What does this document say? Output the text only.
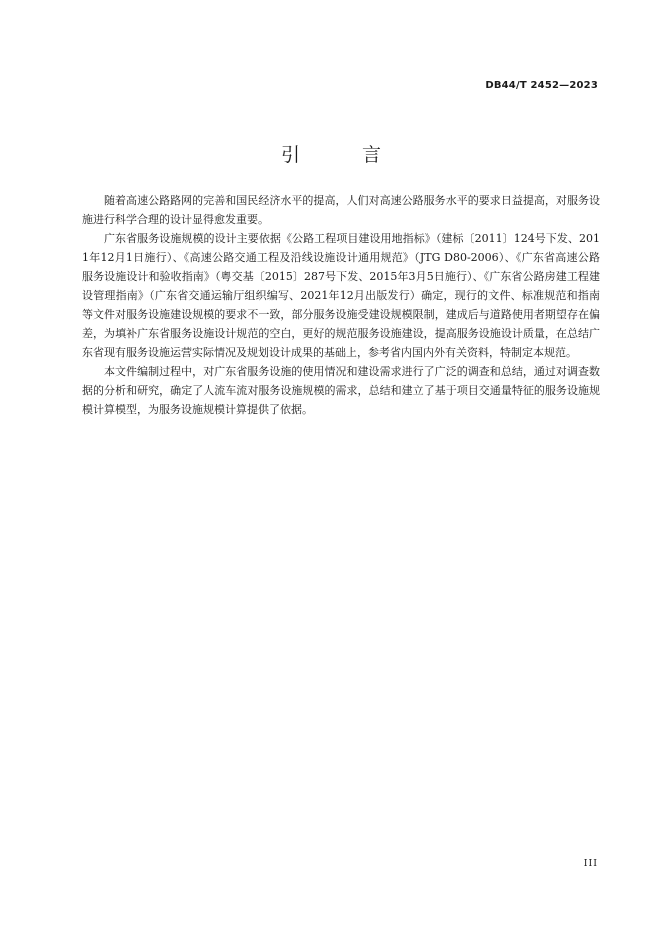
DB44/T 2452—2023
引 言

随着高速公路路网的完善和国民经济水平的提高，人们对高速公路服务水平的要求日益提高，对服务设施进行科学合理的设计显得愈发重要。

广东省服务设施规模的设计主要依据《公路工程项目建设用地指标》（建标〔2011〕124号下发、2011年12月1日施行）、《高速公路交通工程及沿线设施设计通用规范》（JTG D80-2006）、《广东省高速公路服务设施设计和验收指南》（粤交基〔2015〕287号下发、2015年3月5日施行）、《广东省公路房建工程建设管理指南》（广东省交通运输厅组织编写、2021年12月出版发行）确定，现行的文件、标准规范和指南等文件对服务设施建设规模的要求不一致，部分服务设施受建设规模限制，建成后与道路使用者期望存在偏差，为填补广东省服务设施设计规范的空白，更好的规范服务设施建设，提高服务设施设计质量，在总结广东省现有服务设施运营实际情况及规划设计成果的基础上，参考省内国内外有关资料，特制定本规范。

本文件编制过程中，对广东省服务设施的使用情况和建设需求进行了广泛的调查和总结，通过对调查数据的分析和研究，确定了人流车流对服务设施规模的需求，总结和建立了基于项目交通量特征的服务设施规模计算模型，为服务设施规模计算提供了依据。

III
